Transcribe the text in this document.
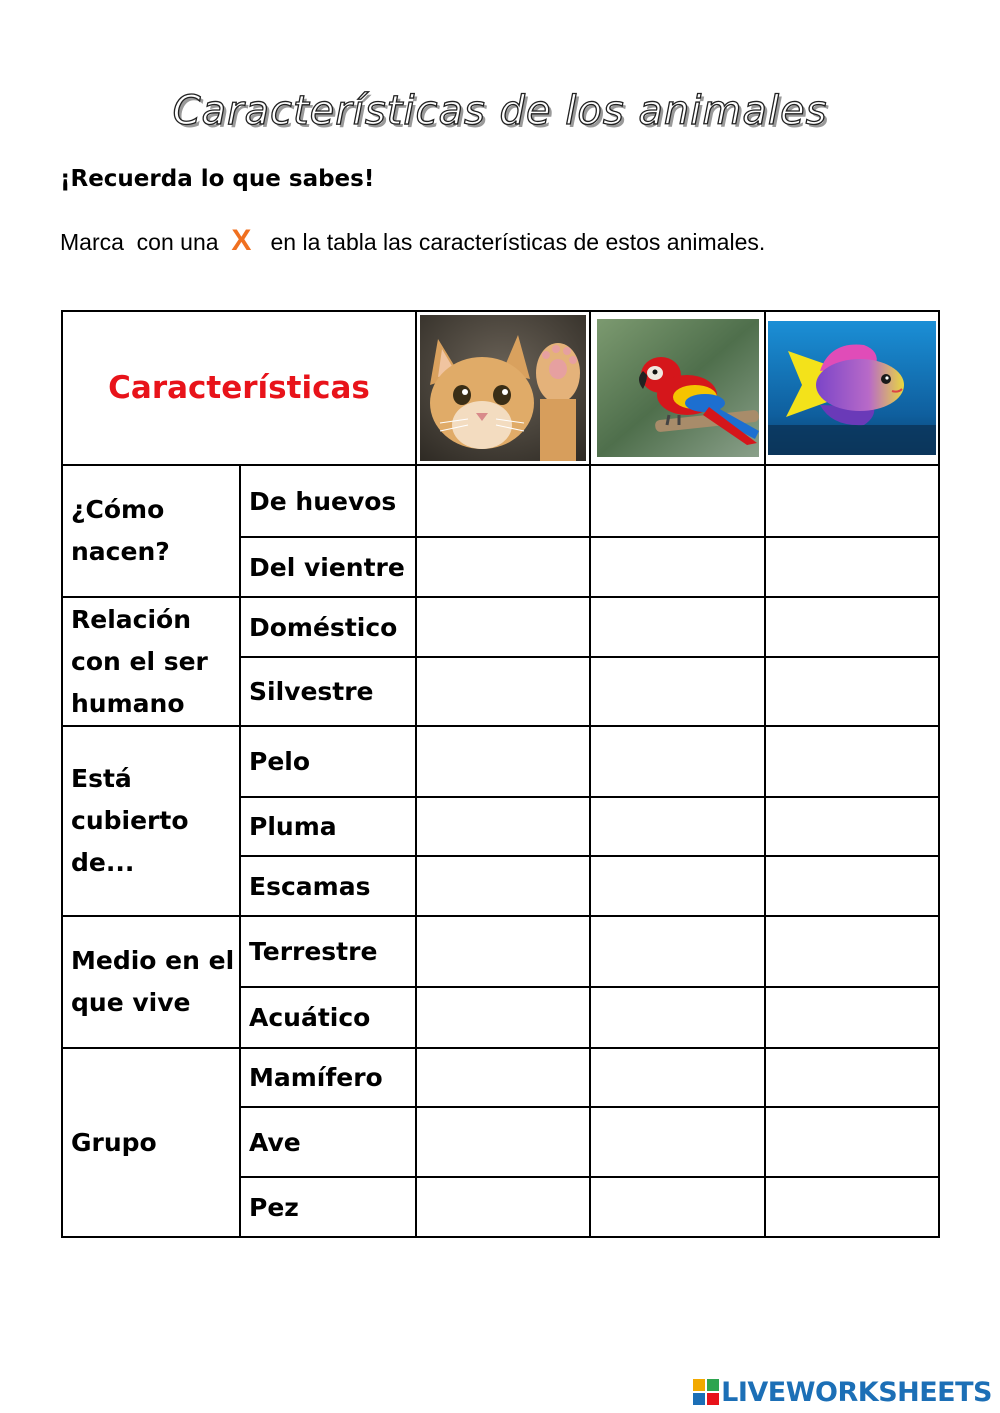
Características de los animales
¡Recuerda lo que sabes!
Marca  con una  X   en la tabla las características de estos animales.
Características	

¿Cómo nacen?	De huevos			
	Del vientre			
Relación con el ser humano	Doméstico			
	Silvestre			
Está cubierto de...	Pelo			
	Pluma			
	Escamas			
Medio en el que vive	Terrestre			
	Acuático			
Grupo	Mamífero			
	Ave			
	Pez			
LIVEWORKSHEETS
